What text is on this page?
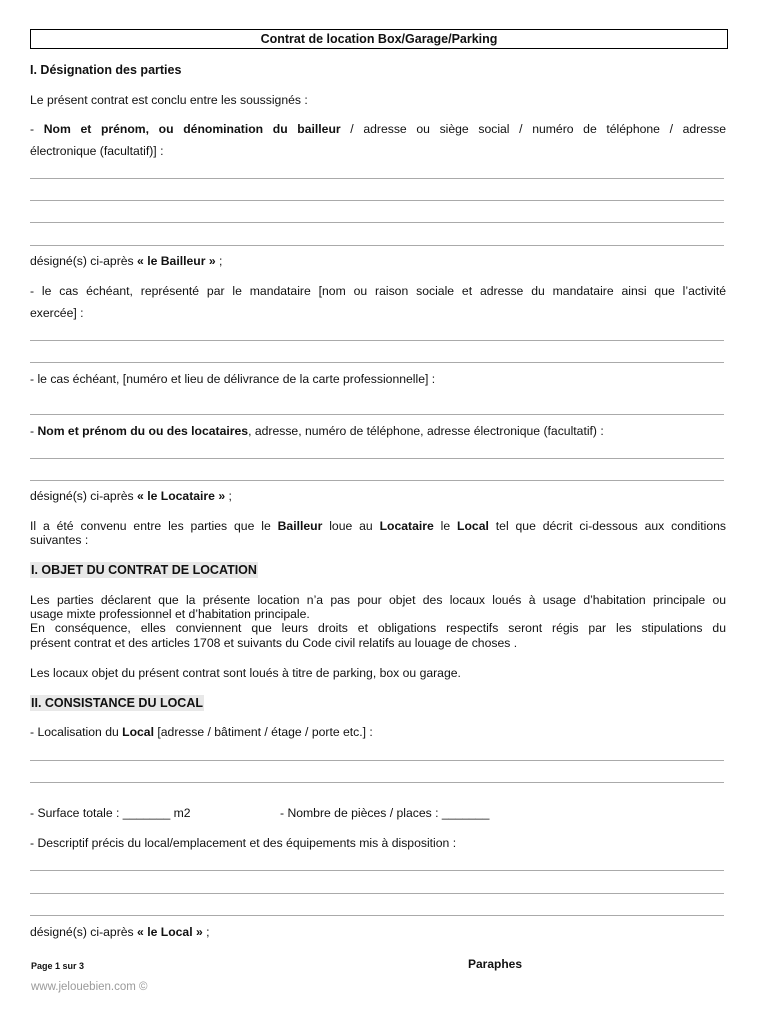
Contrat de location Box/Garage/Parking
I. Désignation des parties
Le présent contrat est conclu entre les soussignés :
- Nom et prénom, ou dénomination du bailleur / adresse ou siège social / numéro de téléphone / adresse
électronique (facultatif)] :
désigné(s) ci-après « le Bailleur » ;
- le cas échéant, représenté par le mandataire [nom ou raison sociale et adresse du mandataire ainsi que l’activité
exercée] :
- le cas échéant, [numéro et lieu de délivrance de la carte professionnelle] :
- Nom et prénom du ou des locataires, adresse, numéro de téléphone, adresse électronique (facultatif) :
désigné(s) ci-après « le Locataire » ;
Il a été convenu entre les parties que le Bailleur loue au Locataire le Local tel que décrit ci-dessous aux conditions
suivantes :
I. OBJET DU CONTRAT DE LOCATION
Les parties déclarent que la présente location n’a pas pour objet des locaux loués à usage d’habitation principale ou
usage mixte professionnel et d’habitation principale.
En conséquence, elles conviennent que leurs droits et obligations respectifs seront régis par les stipulations du
présent contrat et des articles 1708 et suivants du Code civil relatifs au louage de choses .
Les locaux objet du présent contrat sont loués à titre de parking, box ou garage.
II. CONSISTANCE DU LOCAL
- Localisation du Local [adresse / bâtiment / étage / porte etc.] :
- Surface totale : _______ m2	- Nombre de pièces / places : _______
- Descriptif précis du local/emplacement et des équipements mis à disposition :
désigné(s) ci-après « le Local » ;
Page 1 sur 3	Paraphes
www.jelouebien.com ©
